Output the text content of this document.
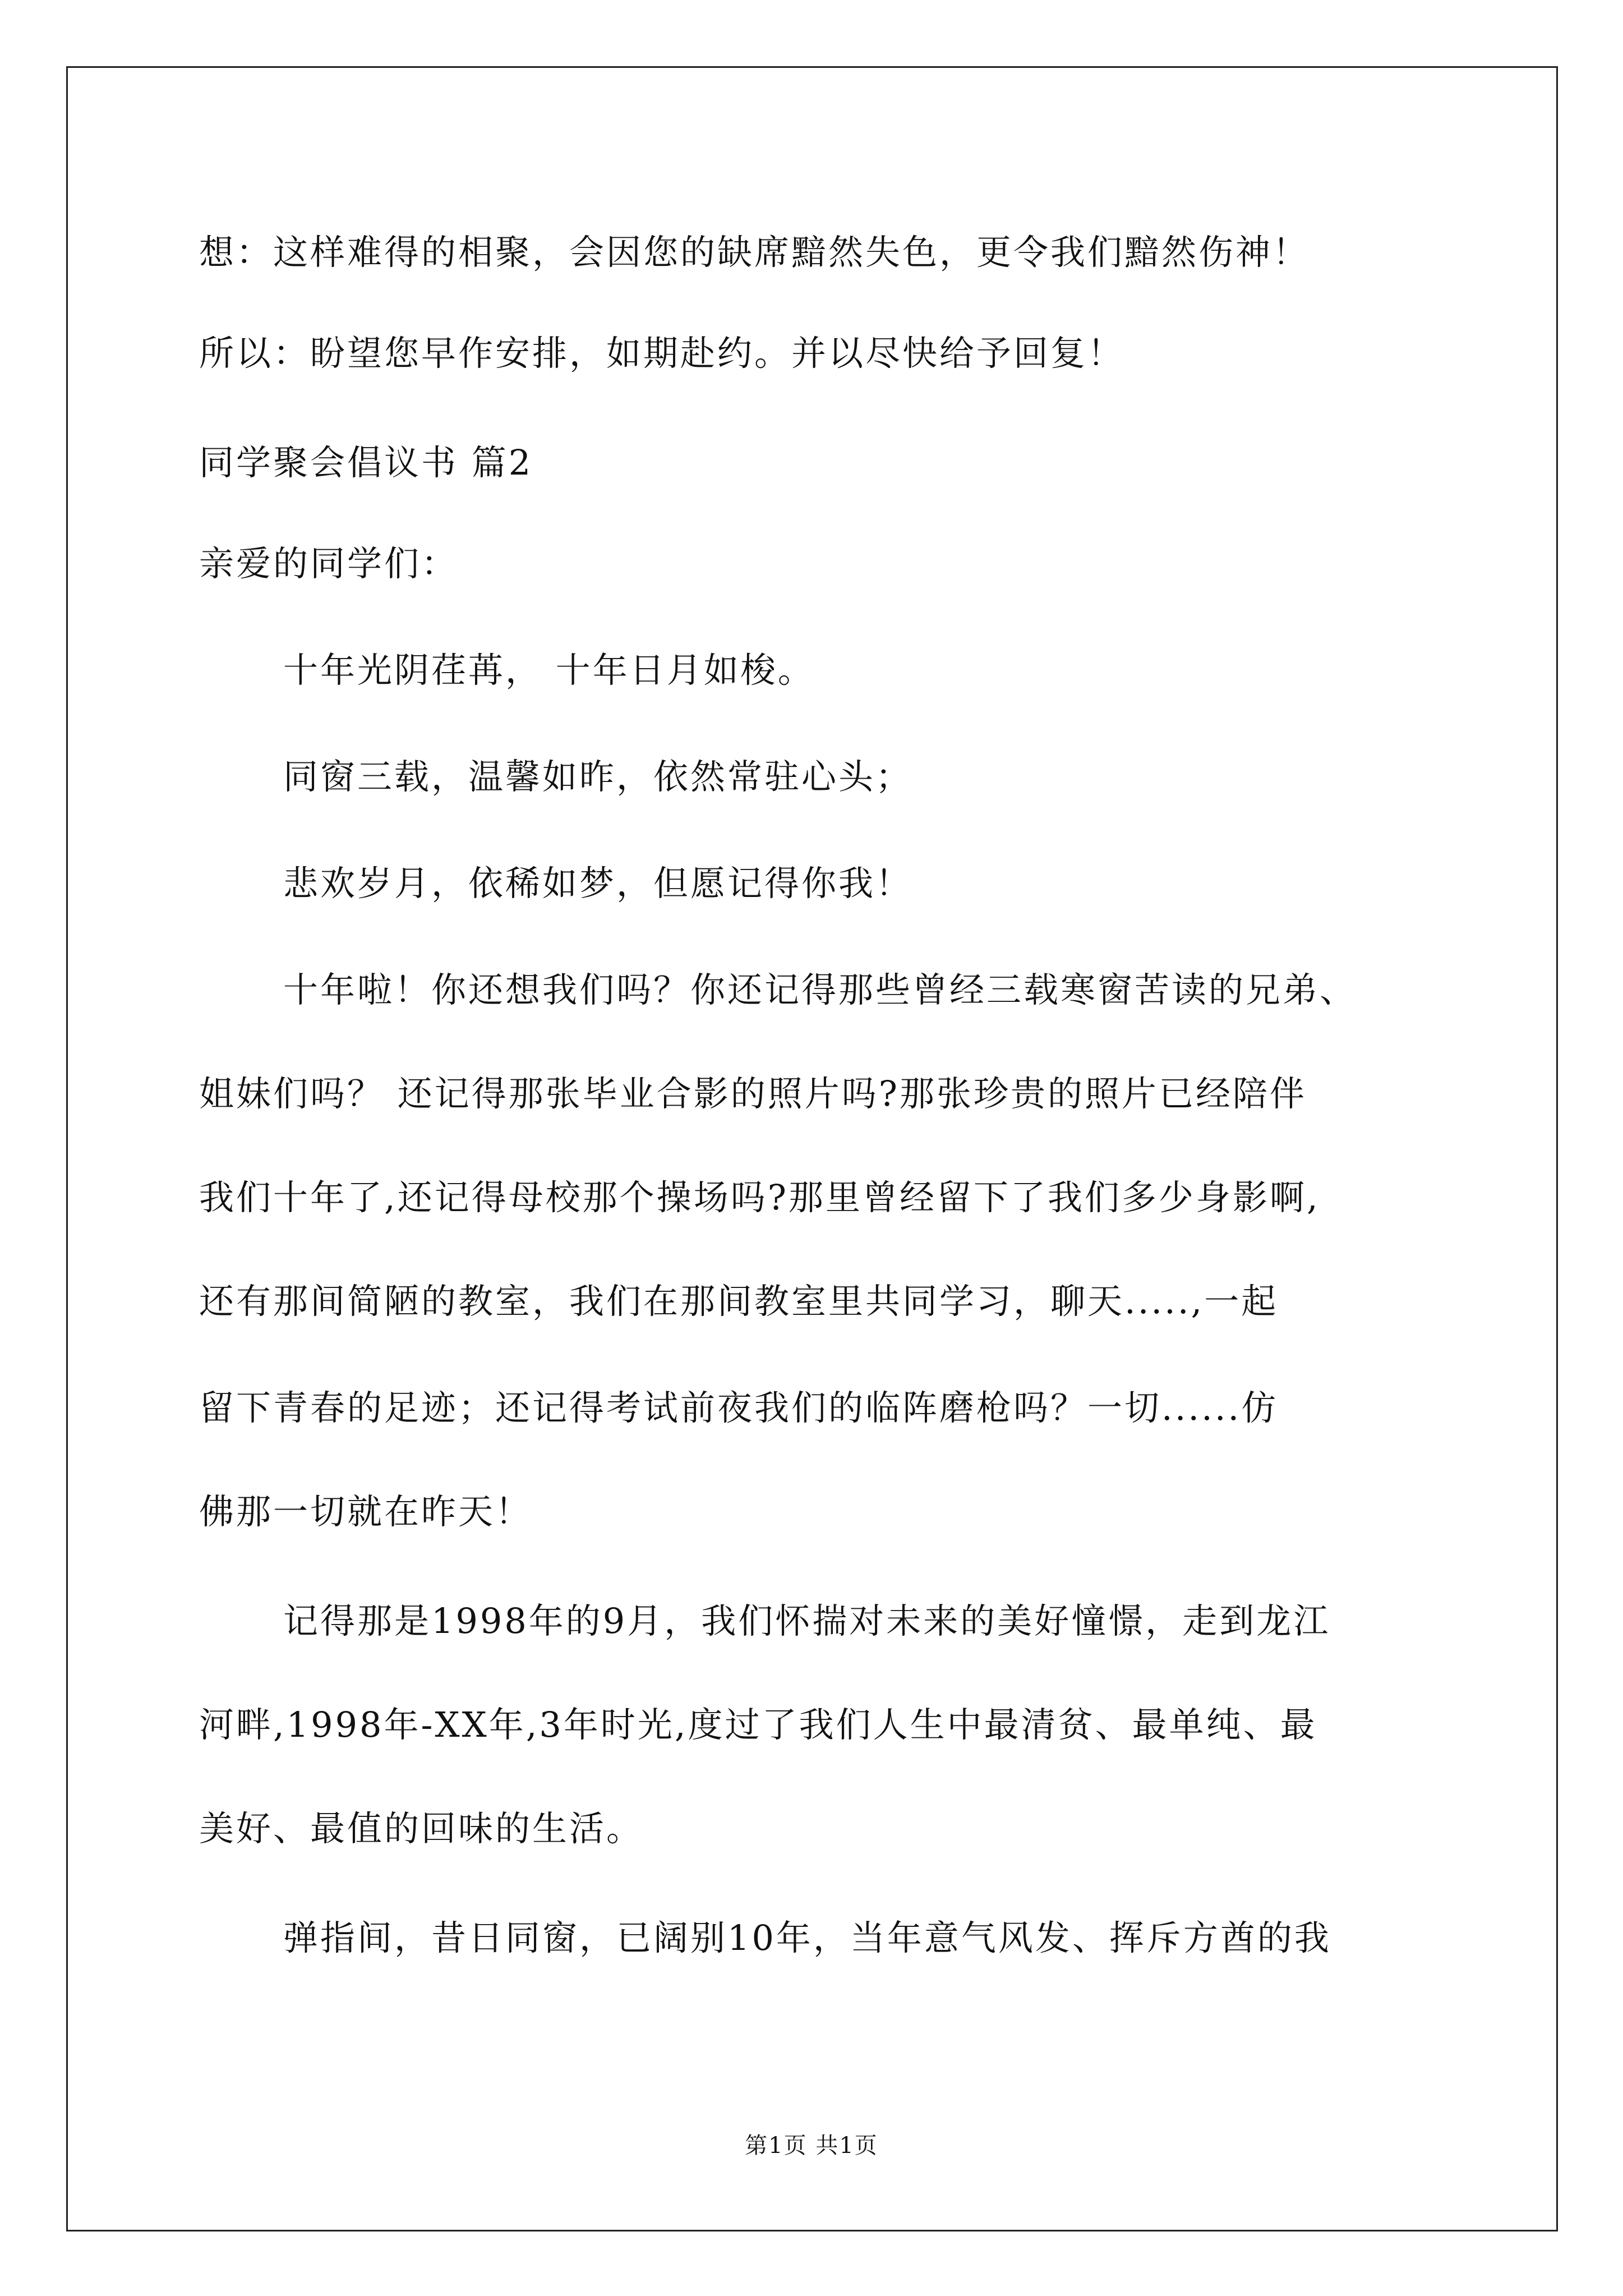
想：这样难得的相聚，会因您的缺席黯然失色，更令我们黯然伤神！
所以：盼望您早作安排，如期赴约。并以尽快给予回复！
同学聚会倡议书 篇2
亲爱的同学们：
十年光阴荏苒， 十年日月如梭。
同窗三载，温馨如昨，依然常驻心头；
悲欢岁月，依稀如梦，但愿记得你我！
十年啦！你还想我们吗？你还记得那些曾经三载寒窗苦读的兄弟、
姐妹们吗？ 还记得那张毕业合影的照片吗?那张珍贵的照片已经陪伴
我们十年了,还记得母校那个操场吗?那里曾经留下了我们多少身影啊,
还有那间简陋的教室，我们在那间教室里共同学习，聊天.....,一起
留下青春的足迹；还记得考试前夜我们的临阵磨枪吗？一切......仿
佛那一切就在昨天！
记得那是1998年的9月，我们怀揣对未来的美好憧憬，走到龙江
河畔,1998年-XX年,3年时光,度过了我们人生中最清贫、最单纯、最
美好、最值的回味的生活。
弹指间，昔日同窗，已阔别10年，当年意气风发、挥斥方酋的我
第1页 共1页
